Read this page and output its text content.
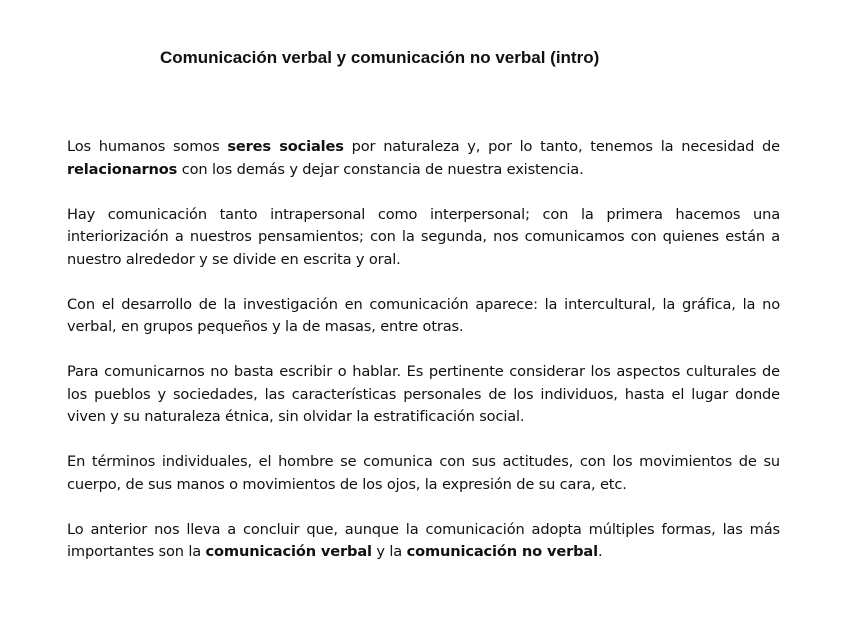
Comunicación verbal y comunicación no verbal (intro)

Los humanos somos seres sociales por naturaleza y, por lo tanto, tenemos la necesidad de relacionarnos con los demás y dejar constancia de nuestra existencia.

Hay comunicación tanto intrapersonal como interpersonal; con la primera hacemos una interiorización a nuestros pensamientos; con la segunda, nos comunicamos con quienes están a nuestro alrededor y se divide en escrita y oral.

Con el desarrollo de la investigación en comunicación aparece: la intercultural, la gráfica, la no verbal, en grupos pequeños y la de masas, entre otras.

Para comunicarnos no basta escribir o hablar. Es pertinente considerar los aspectos culturales de los pueblos y sociedades, las características personales de los individuos, hasta el lugar donde viven y su naturaleza étnica, sin olvidar la estratificación social.

En términos individuales, el hombre se comunica con sus actitudes, con los movimientos de su cuerpo, de sus manos o movimientos de los ojos, la expresión de su cara, etc.

Lo anterior nos lleva a concluir que, aunque la comunicación adopta múltiples formas, las más importantes son la comunicación verbal y la comunicación no verbal.
